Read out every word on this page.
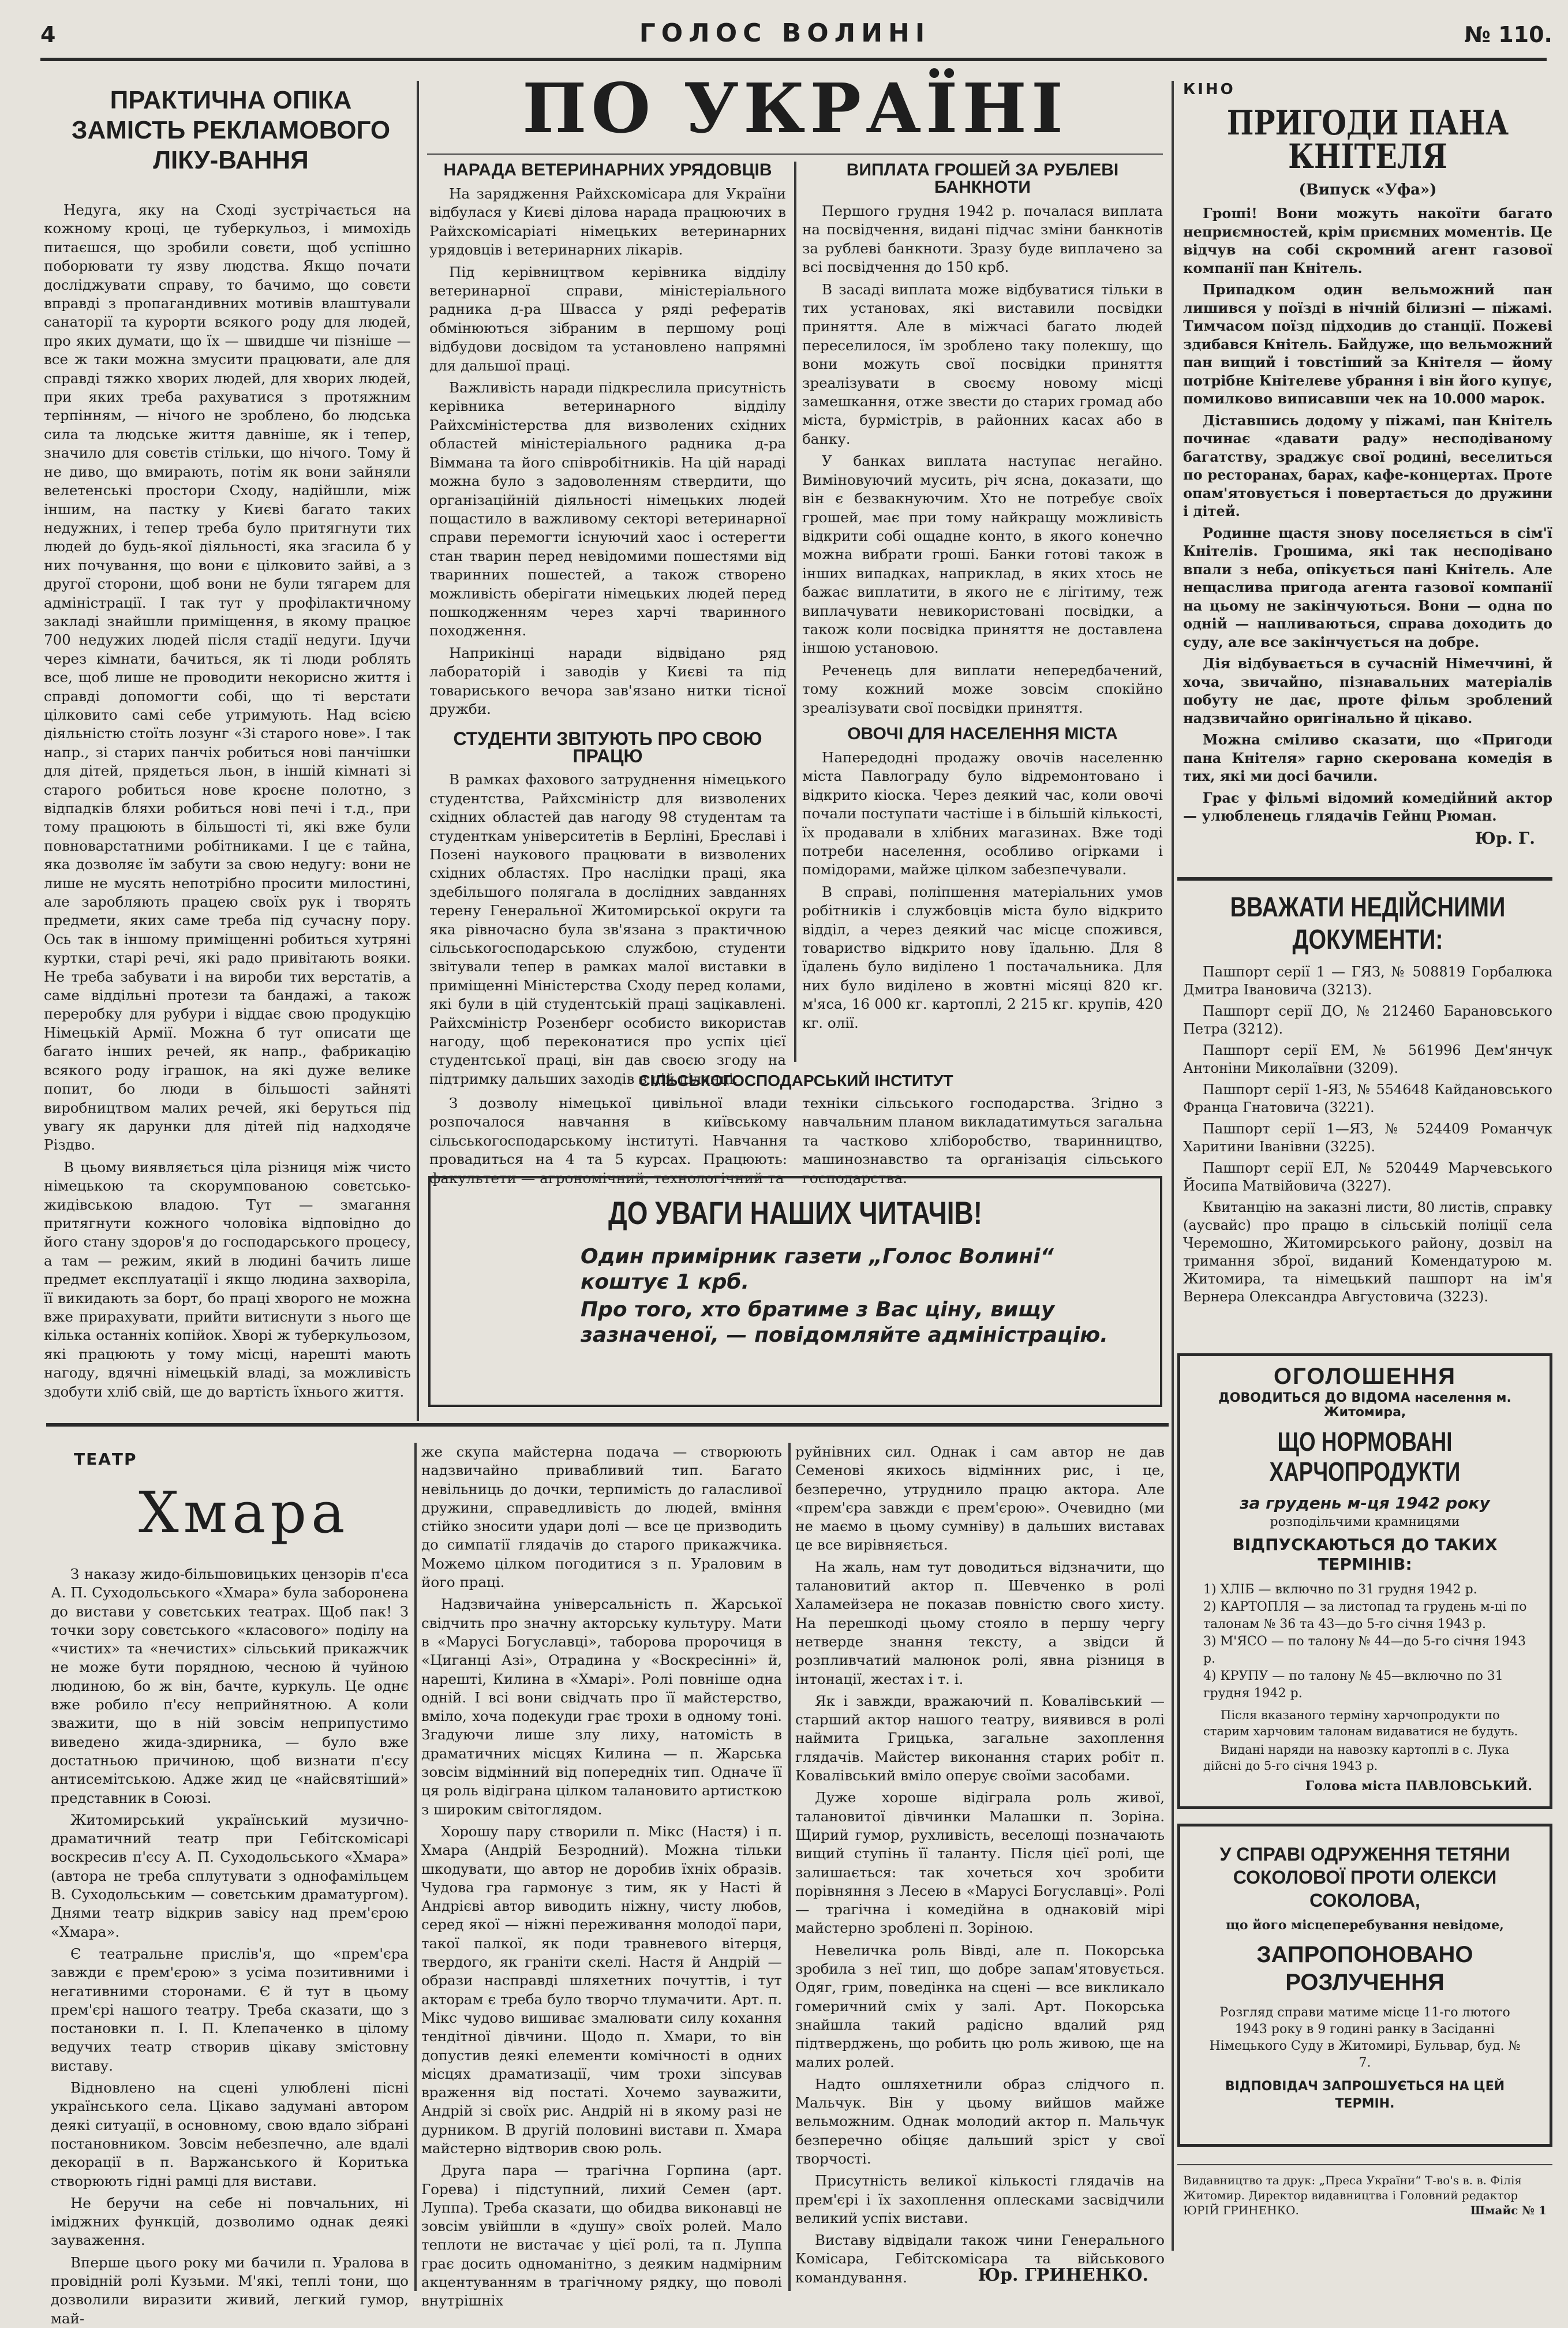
4	ГОЛОС ВОЛИНІ	№ 110.
ПРАКТИЧНА ОПІКА ЗАМІСТЬ РЕКЛАМОВОГО ЛІКУ-ВАННЯ

Недуга, яку на Сході зустрічається на кожному кроці, це туберкульоз, і мимохідь питаєшся, що зробили совєти, щоб успішно поборювати ту язву людства. Якщо почати досліджувати справу, то бачимо, що совєти вправді з пропагандивних мотивів влаштували санаторії та курорти всякого роду для людей, про яких думати, що їх — швидше чи пізніше — все ж таки можна змусити працювати, але для справді тяжко хворих людей, для хворих людей, при яких треба рахуватися з протяжним терпінням, — нічого не зроблено, бо людська сила та людське життя давніше, як і тепер, значило для совєтів стільки, що нічого. Тому й не диво, що вмирають, потім як вони зайняли велетенські простори Сходу, надійшли, між іншим, на пастку у Києві багато таких недужних, і тепер треба було притягнути тих людей до будь-якої діяльності, яка згасила б у них почування, що вони є цілковито зайві, а з другої сторони, щоб вони не були тягарем для адміністрації. І так тут у профілактичному закладі знайшли приміщення, в якому працює 700 недужих людей після стадії недуги. Ідучи через кімнати, бачиться, як ті люди роблять все, щоб лише не проводити некорисно життя і справді допомогти собі, що ті верстати цілковито самі себе утримують. Над всією діяльністю стоїть лозунг «Зі старого нове». І так напр., зі старих панчіх робиться нові панчішки для дітей, прядеться льон, в іншій кімнаті зі старого робиться нове кроєне полотно, з відпадків бляхи робиться нові печі і т.д., при тому працюють в більшості ті, які вже були повноварстатними робітниками. І це є тайна, яка дозволяє їм забути за свою недугу: вони не лише не мусять непотрібно просити милостині, але заробляють працею своїх рук і творять предмети, яких саме треба під сучасну пору. Ось так в іншому приміщенні робиться хутряні куртки, старі речі, які радо привітають вояки. Не треба забувати і на вироби тих верстатів, а саме віддільні протези та бандажі, а також переробку для рубури і віддає свою продукцію Німецькій Армії. Можна б тут описати ще багато інших речей, як напр., фабрикацію всякого роду іграшок, на які дуже велике попит, бо люди в більшості зайняті виробництвом малих речей, які беруться під увагу як дарунки для дітей під надходяче Різдво.

В цьому виявляється ціла різниця між чисто німецькою та скорумпованою совєтсько-жидівською владою. Тут — змагання притягнути кожного чоловіка відповідно до його стану здоров'я до господарського процесу, а там — режим, який в людині бачить лише предмет експлуатації і якщо людина захворіла, її викидають за борт, бо праці хворого не можна вже прирахувати, прийти витиснути з нього ще кілька останніх копійок. Хворі ж туберкульозом, які працюють у тому місці, нарешті мають нагоду, вдячні німецькій владі, за можливість здобути хліб свій, ще до вартість їхнього життя.

ПО УКРАЇНІ
НАРАДА ВЕТЕРИНАРНИХ УРЯДОВЦІВ

На зарядження Райхскомісара для України відбулася у Києві ділова нарада працюючих в Райхскомісаріаті німецьких ветеринарних урядовців і ветеринарних лікарів.

Під керівництвом керівника відділу ветеринарної справи, міністеріального радника д-ра Швасса у ряді рефератів обмінюються зібраним в першому році відбудови досвідом та установлено напрямні для дальшої праці.

Важливість наради підкреслила присутність керівника ветеринарного відділу Райхсміністерства для визволених східних областей міністеріального радника д-ра Віммана та його співробітників. На цій нараді можна було з задоволенням ствердити, що організаційній діяльності німецьких людей пощастило в важливому секторі ветеринарної справи перемогти існуючий хаос і остерегти стан тварин перед невідомими пошестями від тваринних пошестей, а також створено можливість оберігати німецьких людей перед пошкодженням через харчі тваринного походження.

Наприкінці наради відвідано ряд лабораторій і заводів у Києві та під товариського вечора зав'язано нитки тісної дружби.

СТУДЕНТИ ЗВІТУЮТЬ ПРО СВОЮ ПРАЦЮ

В рамках фахового затруднення німецького студентства, Райхсміністр для визволених східних областей дав нагоду 98 студентам та студенткам університетів в Берліні, Бреславі і Позені наукового працювати в визволених східних областях. Про наслідки праці, яка здебільшого полягала в дослідних завданнях терену Генеральної Житомирської округи та яка рівночасно була зв'язана з практичною сільськогосподарською службою, студенти звітували тепер в рамках малої виставки в приміщенні Міністерства Сходу перед колами, які були в цій студентській праці зацікавлені. Райхсміністр Розенберг особисто використав нагоду, щоб переконатися про успіх цієї студентської праці, він дав своєю згоду на підтримку дальших заходів в цій ділянці.

ВИПЛАТА ГРОШЕЙ ЗА РУБЛЕВІ БАНКНОТИ

Першого грудня 1942 р. почалася виплата на посвідчення, видані підчас зміни банкнотів за рублеві банкноти. Зразу буде виплачено за всі посвідчення до 150 крб.

В засаді виплата може відбуватися тільки в тих установах, які виставили посвідки приняття. Але в міжчасі багато людей переселилося, їм зроблено таку полекшу, що вони можуть свої посвідки приняття зреалізувати в своєму новому місці замешкання, отже звести до старих громад або міста, бурмістрів, в районних касах або в банку.

У банках виплата наступає негайно. Виміновуючий мусить, річ ясна, доказати, що він є безвакнуючим. Хто не потребує своїх грошей, має при тому найкращу можливість відкрити собі ощадне конто, в якого конечно можна вибрати гроші. Банки готові також в інших випадках, наприклад, в яких хтось не бажає виплатити, в якого не є лігітиму, теж виплачувати невикористовані посвідки, а також коли посвідка приняття не доставлена іншою установою.

Реченець для виплати непередбачений, тому кожний може зовсім спокійно зреалізувати свої посвідки приняття.

ОВОЧІ ДЛЯ НАСЕЛЕННЯ МІСТА

Напередодні продажу овочів населенню міста Павлограду було відремонтовано і відкрито кіоска. Через деякий час, коли овочі почали поступати частіше і в більшій кількості, їх продавали в хлібних магазинах. Вже тоді потреби населення, особливо огірками і помідорами, майже цілком забезпечували.

В справі, поліпшення матеріальних умов робітників і службовців міста було відкрито відділ, а через деякий час місце спожився, товариство відкрито нову їдальню. Для 8 їдалень було виділено 1 постачальника. Для них було виділено в жовтні місяці 820 кг. м'яса, 16 000 кг. картоплі, 2 215 кг. крупів, 420 кг. олії.

СІЛЬСЬКОГОСПОДАРСЬКИЙ ІНСТИТУТ

З дозволу німецької цивільної влади розпочалося навчання в київському сільськогосподарському інституті. Навчання провадиться на 4 та 5 курсах. Працюють: факультети — агрономічний, технологічний та

техніки сільського господарства. Згідно з навчальним планом викладатимуться загальна та частково хліборобство, тваринництво, машинознавство та організація сільського господарства.

ДО УВАГИ НАШИХ ЧИТАЧІВ!
Один примірник газети „Голос Волині“ коштує 1 крб.
Про того, хто братиме з Вас ціну, вищу зазначеної, — повідомляйте адміністрацію.
КІНО
ПРИГОДИ ПАНА КНІТЕЛЯ
(Випуск «Уфа»)

Гроші! Вони можуть накоїти багато неприємностей, крім приємних моментів. Це відчув на собі скромний агент газової компанії пан Кнітель.

Припадком один вельможний пан лишився у поїзді в нічній білизні — піжамі. Тимчасом поїзд підходив до станції. Пожеві здибався Кнітель. Байдуже, що вельможний пан вищий і товстіший за Кнітеля — йому потрібне Кнітелеве убрання і він його купує, помилково виписавши чек на 10.000 марок.

Діставшись додому у піжамі, пан Кнітель починає «давати раду» несподіваному багатству, зраджує свої родині, веселиться по ресторанах, барах, кафе-концертах. Проте опам'ятовується і повертається до дружини і дітей.

Родинне щастя знову поселяється в сім'ї Кнітелів. Грошима, які так несподівано впали з неба, опікується пані Кнітель. Але нещаслива пригода агента газової компанії на цьому не закінчуються. Вони — одна по одній — напливаються, справа доходить до суду, але все закінчується на добре.

Дія відбувається в сучасній Німеччині, й хоча, звичайно, пізнавальних матеріалів побуту не дає, проте фільм зроблений надзвичайно оригінально й цікаво.

Можна сміливо сказати, що «Пригоди пана Кнітеля» гарно скерована комедія в тих, які ми досі бачили.

Грає у фільмі відомий комедійний актор — улюбленець глядачів Гейнц Рюман.

Юр. Г.
ВВАЖАТИ НЕДІЙСНИМИ ДОКУМЕНТИ:

Пашпорт серії 1 — ГЯЗ, № 508819 Горбалюка Дмитра Івановича (3213).

Пашпорт серії ДО, № 212460 Барановського Петра (3212).

Пашпорт серії ЕМ, № 561996 Дем'янчук Антоніни Миколаївни (3209).

Пашпорт серії 1-ЯЗ, № 554648 Кайдановського Франца Гнатовича (3221).

Пашпорт серії 1—ЯЗ, № 524409 Романчук Харитини Іванівни (3225).

Пашпорт серії ЕЛ, № 520449 Марчевського Йосипа Матвійовича (3227).

Квитанцію на заказні листи, 80 листів, справку (аусвайс) про працю в сільській поліції села Черемошно, Житомирського району, дозвіл на тримання зброї, виданий Комендатурою м. Житомира, та німецький пашпорт на ім'я Вернера Олександра Августовича (3223).

ОГОЛОШЕННЯ
ДОВОДИТЬСЯ ДО ВІДОМА населення м. Житомира,
ЩО НОРМОВАНІ ХАРЧОПРОДУКТИ
за грудень м-ця 1942 року
розподільчими крамницями
ВІДПУСКАЮТЬСЯ ДО ТАКИХ ТЕРМІНІВ:
1) ХЛІБ — включно по 31 грудня 1942 р.
2) КАРТОПЛЯ — за листопад та грудень м-ці по талонам № 36 та 43—до 5-го січня 1943 р.
3) М'ЯСО — по талону № 44—до 5-го січня 1943 р.
4) КРУПУ — по талону № 45—включно по 31 грудня 1942 р.
Після вказаного терміну харчопродукти по старим харчовим талонам видаватися не будуть.
Видані наряди на навозку картоплі в с. Лука дійсні до 5-го січня 1943 р.
Голова міста ПАВЛОВСЬКИЙ.
У СПРАВІ ОДРУЖЕННЯ ТЕТЯНИ СОКОЛОВОЇ ПРОТИ ОЛЕКСИ СОКОЛОВА,
що його місцеперебування невідоме,
ЗАПРОПОНОВАНО РОЗЛУЧЕННЯ
Розгляд справи матиме місце 11-го лютого 1943 року в 9 годині ранку в Засіданні Німецького Суду в Житомирі, Бульвар, буд. № 7.
ВІДПОВІДАЧ ЗАПРОШУЄТЬСЯ НА ЦЕЙ ТЕРМІН.
Видавництво та друк: „Преса України“ Т-во's в. в. Філія Житомир. Директор видавництва і Головний редактор ЮРІЙ ГРИНЕНКО.	Шмайс № 1
ТЕАТР
Хмара

З наказу жидо-більшовицьких цензорів п'єса А. П. Суходольського «Хмара» була заборонена до вистави у совєтських театрах. Щоб пак! З точки зору совєтського «класового» поділу на «чистих» та «нечистих» сільський прикажчик не може бути порядною, чесною й чуйною людиною, бо ж він, бачте, куркуль. Це однє вже робило п'єсу неприйнятною. А коли зважити, що в ній зовсім неприпустимо виведено жида-здирника, — було вже достатньою причиною, щоб визнати п'єсу антисемітською. Адже жид це «найсвятіший» представник в Союзі.

Житомирський український музично-драматичний театр при Гебітскомісарі воскресив п'єсу А. П. Суходольського «Хмара» (автора не треба сплутувати з однофамільцем В. Суходольським — совєтським драматургом). Днями театр відкрив завісу над прем'єрою «Хмара».

Є театральне прислів'я, що «прем'єра завжди є прем'єрою» з усіма позитивними і негативними сторонами. Є й тут в цьому прем'єрі нашого театру. Треба сказати, що з постановки п. І. П. Клепаченко в цілому ведучих театр створив цікаву змістовну виставу.

Відновлено на сцені улюблені пісні українського села. Цікаво задумані автором деякі ситуації, в основному, свою вдало зібрані постановником. Зовсім небезпечно, але вдалі декорації в п. Варжанського й Коритька створюють гідні рамці для вистави.

Не беручи на себе ні повчальних, ні іміджних функцій, дозволимо однак деякі зауваження.

Вперше цього року ми бачили п. Уралова в провідній ролі Кузьми. М'які, теплі тони, що дозволили виразити живий, легкий гумор, май-

же скупа майстерна подача — створюють надзвичайно привабливий тип. Багато невільниць до дочки, терпимість до галасливої дружини, справедливість до людей, вміння стійко зносити удари долі — все це призводить до симпатії глядачів до старого прикажчика. Можемо цілком погодитися з п. Ураловим в його праці.

Надзвичайна універсальність п. Жарської свідчить про значну акторську культуру. Мати в «Марусі Богуславці», таборова пророчиця в «Циганці Азі», Отрадина у «Воскресінні» й, нарешті, Килина в «Хмарі». Ролі повніше одна одній. І всі вони свідчать про її майстерство, вміло, хоча подекуди грає трохи в одному тоні. Згадуючи лише злу лиху, натомість в драматичних місцях Килина — п. Жарська зовсім відмінний від попередніх тип. Одначе її ця роль відіграна цілком талановито артисткою з широким світоглядом.

Хорошу пару створили п. Мікс (Настя) і п. Хмара (Андрій Безродний). Можна тільки шкодувати, що автор не доробив їхніх образів. Чудова гра гармонує з тим, як у Насті й Андрієві автор виводить ніжну, чисту любов, серед якої — ніжні переживання молодої пари, такої палкої, як поди травневого вітерця, твердого, як граніти скелі. Настя й Андрій — образи насправді шляхетних почуттів, і тут акторам є треба було творчо тлумачити. Арт. п. Мікс чудово вишиває змалювати силу кохання тендітної дівчини. Щодо п. Хмари, то він допустив деякі елементи комічності в одних місцях драматизації, чим трохи зіпсував враження від постаті. Хочемо зауважити, Андрій зі своїх рис. Андрій ні в якому разі не дурником. В другій половині вистави п. Хмара майстерно відтворив свою роль.

Друга пара — трагічна Горпина (арт. Горева) і підступний, лихий Семен (арт. Луппа). Треба сказати, що обидва виконавці не зовсім увійшли в «душу» своїх ролей. Мало теплоти не вистачає у цієї ролі, та п. Луппа грає досить одноманітно, з деяким надмірним акцентуванням в трагічному рядку, що поволі внутрішніх

руйнівних сил. Однак і сам автор не дав Семенові якихось відмінних рис, і це, безперечно, утруднило працю актора. Але «прем'єра завжди є прем'єрою». Очевидно (ми не маємо в цьому сумніву) в дальших виставах це все вирівняється.

На жаль, нам тут доводиться відзначити, що талановитий актор п. Шевченко в ролі Халамейзера не показав повністю свого хисту. На перешкоді цьому стояло в першу чергу нетверде знання тексту, а звідси й розпливчатий малюнок ролі, явна різниця в інтонації, жестах і т. і.

Як і завжди, вражаючий п. Ковалівський — старший актор нашого театру, виявився в ролі наймита Грицька, загальне захоплення глядачів. Майстер виконання старих робіт п. Ковалівський вміло оперує своїми засобами.

Дуже хороше відіграла роль живої, талановитої дівчинки Малашки п. Зоріна. Щирий гумор, рухливість, веселощі позначають вищий ступінь її таланту. Після цієї ролі, ще залишається: так хочеться хоч зробити порівняння з Лесею в «Марусі Богуславці». Ролі — трагічна і комедійна в однаковій мірі майстерно зроблені п. Зоріною.

Невеличка роль Вівді, але п. Покорська зробила з неї тип, що добре запам'ятовується. Одяг, грим, поведінка на сцені — все викликало гомеричний сміх у залі. Арт. Покорська знайшла такий радісно вдалий ряд підтверджень, що робить цю роль живою, ще на малих ролей.

Надто ошляхетнили образ слідчого п. Мальчук. Він у цьому вийшов майже вельможним. Однак молодий актор п. Мальчук безперечно обіцяє дальший зріст у свої творчості.

Присутність великої кількості глядачів на прем'єрі і їх захоплення оплесками засвідчили великий успіх вистави.

Виставу відвідали також чини Генерального Комісара, Гебітскомісара та військового командування.	Юр. ГРИНЕНКО.
